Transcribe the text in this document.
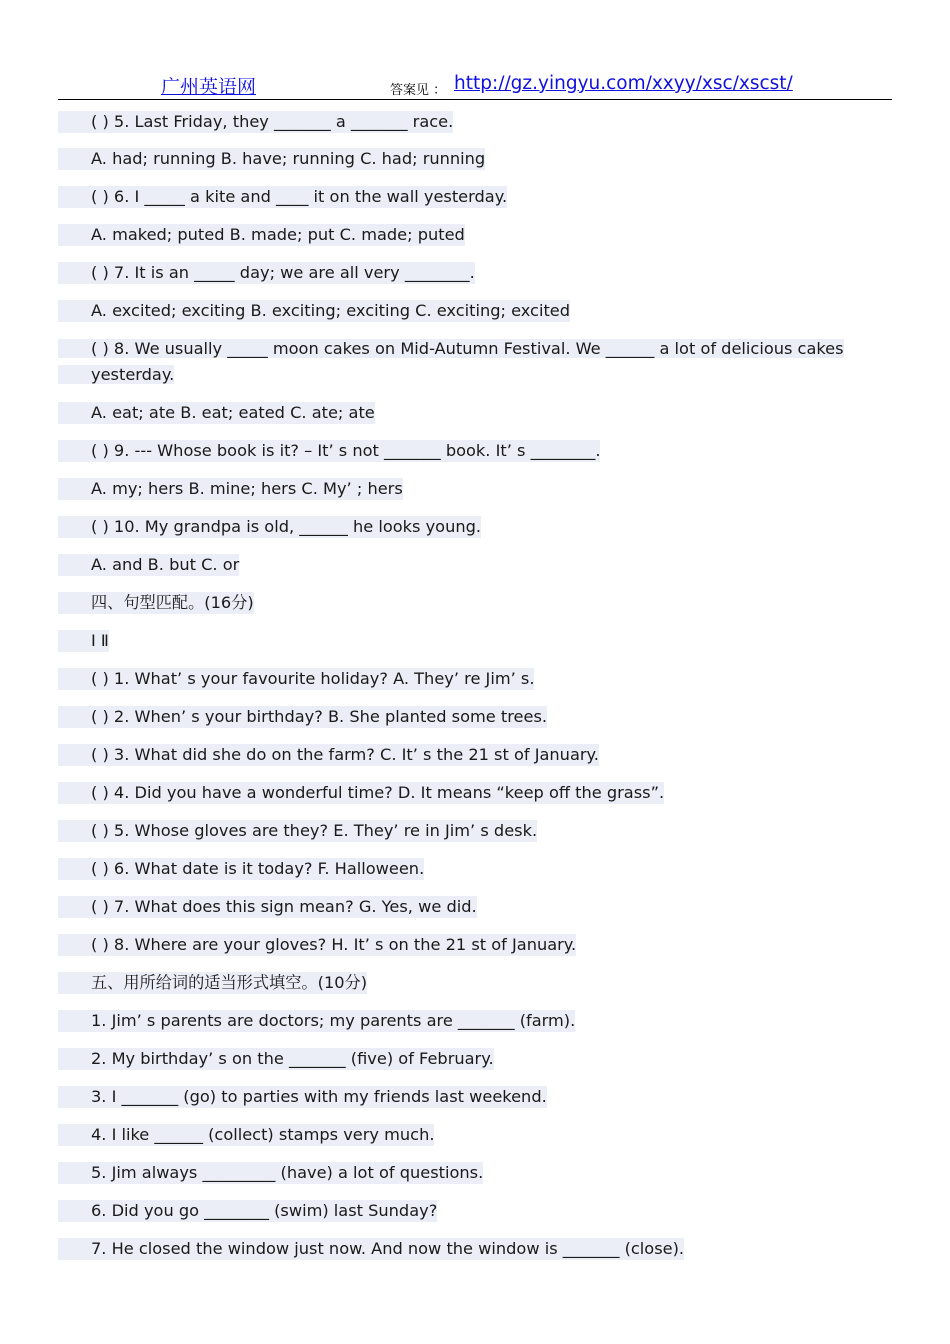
广州英语网	答案见 ： http://gz.yingyu.com/xxyy/xsc/xscst/
( ) 5. Last Friday, they _______ a _______ race.
A. had; running B. have; running C. had; running
( ) 6. I _____ a kite and ____ it on the wall yesterday.
A. maked; puted B. made; put C. made; puted
( ) 7. It is an _____ day; we are all very ________.
A. excited; exciting B. exciting; exciting C. exciting; excited
( ) 8. We usually _____ moon cakes on Mid-Autumn Festival. We ______ a lot of delicious cakes yesterday.
A. eat; ate B. eat; eated C. ate; ate
( ) 9. --- Whose book is it? – It’ s not _______ book. It’ s ________.
A. my; hers B. mine; hers C. My’ ; hers
( ) 10. My grandpa is old, ______ he looks young.
A. and B. but C. or
四、句型匹配。(16分)
Ⅰ Ⅱ
( ) 1. What’ s your favourite holiday? A. They’ re Jim’ s.
( ) 2. When’ s your birthday? B. She planted some trees.
( ) 3. What did she do on the farm? C. It’ s the 21 st of January.
( ) 4. Did you have a wonderful time? D. It means “keep off the grass”.
( ) 5. Whose gloves are they? E. They’ re in Jim’ s desk.
( ) 6. What date is it today? F. Halloween.
( ) 7. What does this sign mean? G. Yes, we did.
( ) 8. Where are your gloves? H. It’ s on the 21 st of January.
五、用所给词的适当形式填空。(10分)
1. Jim’ s parents are doctors; my parents are _______ (farm).
2. My birthday’ s on the _______ (five) of February.
3. I _______ (go) to parties with my friends last weekend.
4. I like ______ (collect) stamps very much.
5. Jim always _________ (have) a lot of questions.
6. Did you go ________ (swim) last Sunday?
7. He closed the window just now. And now the window is _______ (close).
